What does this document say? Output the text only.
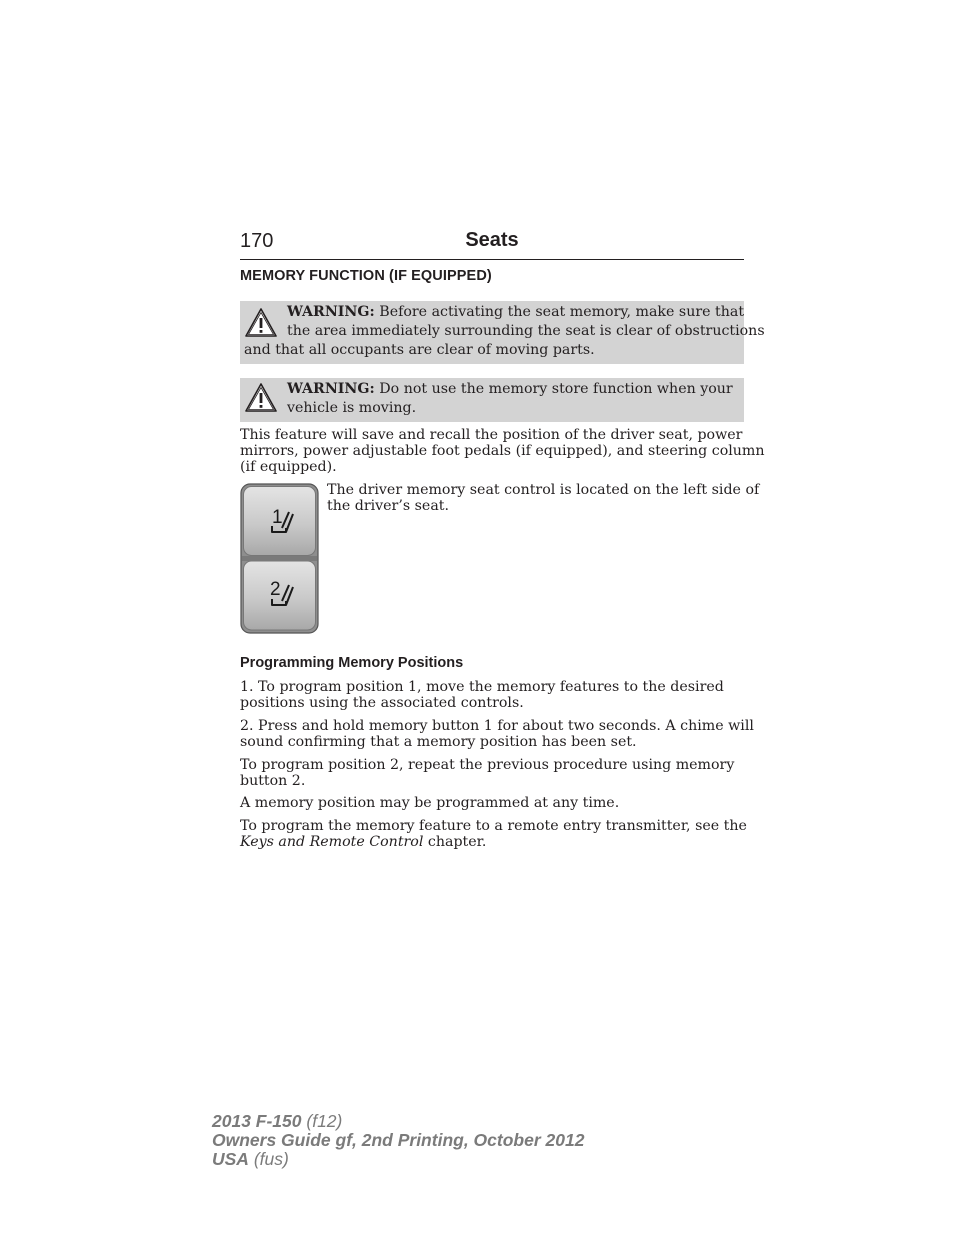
170	Seats
MEMORY FUNCTION (IF EQUIPPED)
WARNING: Before activating the seat memory, make sure that
the area immediately surrounding the seat is clear of obstructions
and that all occupants are clear of moving parts.
WARNING: Do not use the memory store function when your
vehicle is moving.
This feature will save and recall the position of the driver seat, power
mirrors, power adjustable foot pedals (if equipped), and steering column
(if equipped).
1
2
The driver memory seat control is located on the left side of
the driver’s seat.
Programming Memory Positions
1. To program position 1, move the memory features to the desired
positions using the associated controls.
2. Press and hold memory button 1 for about two seconds. A chime will
sound confirming that a memory position has been set.
To program position 2, repeat the previous procedure using memory
button 2.
A memory position may be programmed at any time.
To program the memory feature to a remote entry transmitter, see the
Keys and Remote Control chapter.
2013 F-150 (f12)
Owners Guide gf, 2nd Printing, October 2012
USA (fus)
